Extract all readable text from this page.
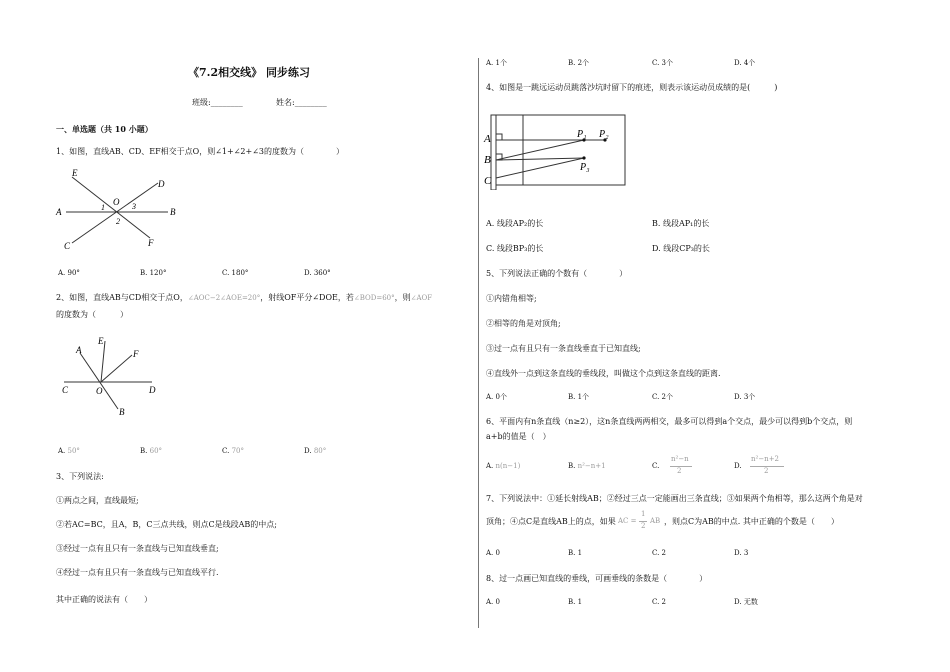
《7.2相交线》 同步练习
班级:________	姓名:________
一、单选题（共 10 小题）
1、如图，直线AB、CD、EF相交于点O，则∠1+∠2+∠3的度数为（　　　　）
E
D
A	B
C	F
O
1	3
2
A. 90°	B. 120°	C. 180°	D. 360°
2、如图，直线AB与CD相交于点O，∠AOC−2∠AOE=20°，射线OF平分∠DOE，若∠BOD=60°，则∠AOF
的度数为（　　　）
A
E
F
C	O	D
B
A. 50°	B. 60°	C. 70°	D. 80°
3、下列说法:
①两点之间，直线最短;
②若AC=BC，且A，B，C三点共线，则点C是线段AB的中点;
③经过一点有且只有一条直线与已知直线垂直;
④经过一点有且只有一条直线与已知直线平行.
其中正确的说法有（　　）
A. 1个	B. 2个	C. 3个	D. 4个
4、如图是一跳远运动员跳落沙坑时留下的痕迹，则表示该运动员成绩的是(　　　)
A
B
C
P₁ P₂
P₃
A. 线段AP₂的长	B. 线段AP₁的长
C. 线段BP₃的长	D. 线段CP₃的长
5、下列说法正确的个数有（　　　　）
①内错角相等;
②相等的角是对顶角;
③过一点有且只有一条直线垂直于已知直线;
④直线外一点到这条直线的垂线段，叫做这个点到这条直线的距离.
A. 0个	B. 1个	C. 2个	D. 3个
6、平面内有n条直线（n≥2），这n条直线两两相交，最多可以得到a个交点，最少可以得到b个交点，则
a+b的值是（　）
A. n(n−1)	B. n²−n+1	C.
n²−n
2
D.
n²−n+2
2
7、下列说法中：①延长射线AB；②经过三点一定能画出三条直线；③如果两个角相等，那么这两个角是对
顶角；④点C是直线AB上的点，如果 AC =
1
2
AB ，则点C为AB的中点. 其中正确的个数是（　　）
A. 0	B. 1	C. 2	D. 3
8、过一点画已知直线的垂线，可画垂线的条数是（　　　　）
A. 0	B. 1	C. 2	D. 无数
